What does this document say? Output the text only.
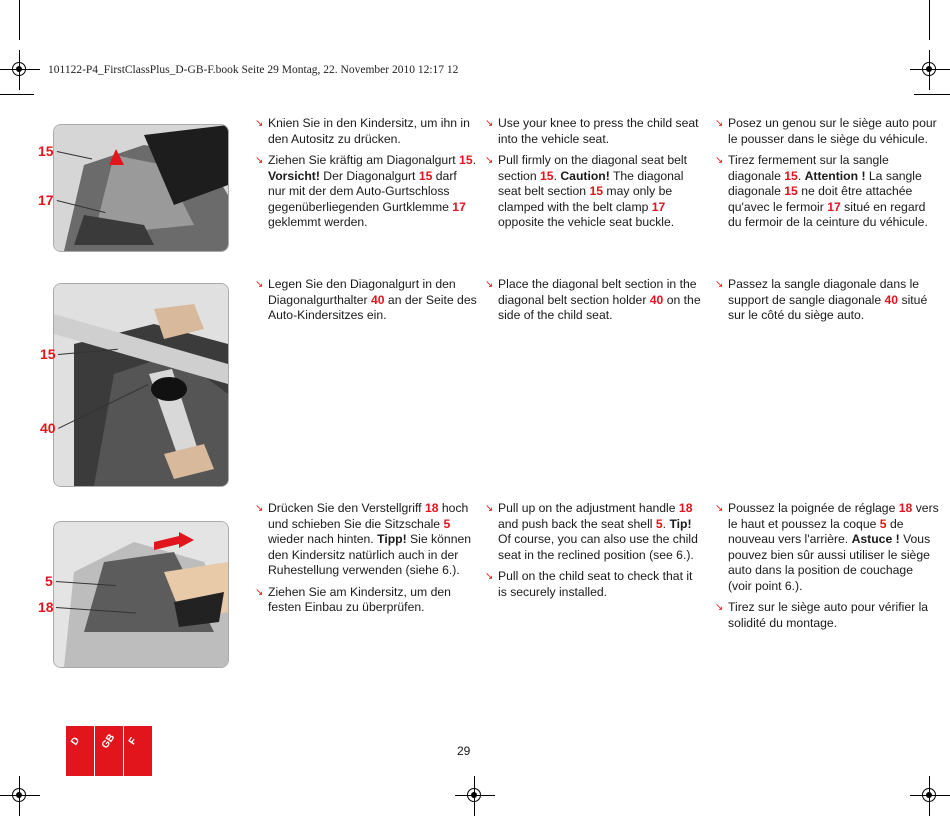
101122-P4_FirstClassPlus_D-GB-F.book Seite 29 Montag, 22. November 2010 12:17 12
15
17
15
40
5
18
↘ Knien Sie in den Kindersitz, um ihn in den Autositz zu drücken.
↘ Ziehen Sie kräftig am Diagonalgurt 15. Vorsicht! Der Diagonalgurt 15 darf nur mit der dem Auto-Gurtschloss gegenüberliegenden Gurtklemme 17 geklemmt werden.
↘ Use your knee to press the child seat into the vehicle seat.
↘ Pull firmly on the diagonal seat belt section 15. Caution! The diagonal seat belt section 15 may only be clamped with the belt clamp 17 opposite the vehicle seat buckle.
↘ Posez un genou sur le siège auto pour le pousser dans le siège du véhicule.
↘ Tirez fermement sur la sangle diagonale 15. Attention ! La sangle diagonale 15 ne doit être attachée qu'avec le fermoir 17 situé en regard du fermoir de la ceinture du véhicule.
↘ Legen Sie den Diagonalgurt in den Diagonalgurthalter 40 an der Seite des Auto-Kindersitzes ein.
↘ Place the diagonal belt section in the diagonal belt section holder 40 on the side of the child seat.
↘ Passez la sangle diagonale dans le support de sangle diagonale 40 situé sur le côté du siège auto.
↘ Drücken Sie den Verstellgriff 18 hoch und schieben Sie die Sitzschale 5 wieder nach hinten. Tipp! Sie können den Kindersitz natürlich auch in der Ruhestellung verwenden (siehe 6.).
↘ Ziehen Sie am Kindersitz, um den festen Einbau zu überprüfen.
↘ Pull up on the adjustment handle 18 and push back the seat shell 5. Tip! Of course, you can also use the child seat in the reclined position (see 6.).
↘ Pull on the child seat to check that it is securely installed.
↘ Poussez la poignée de réglage 18 vers le haut et poussez la coque 5 de nouveau vers l'arrière. Astuce ! Vous pouvez bien sûr aussi utiliser le siège auto dans la position de couchage (voir point 6.).
↘ Tirez sur le siège auto pour vérifier la solidité du montage.
D GB F
29
